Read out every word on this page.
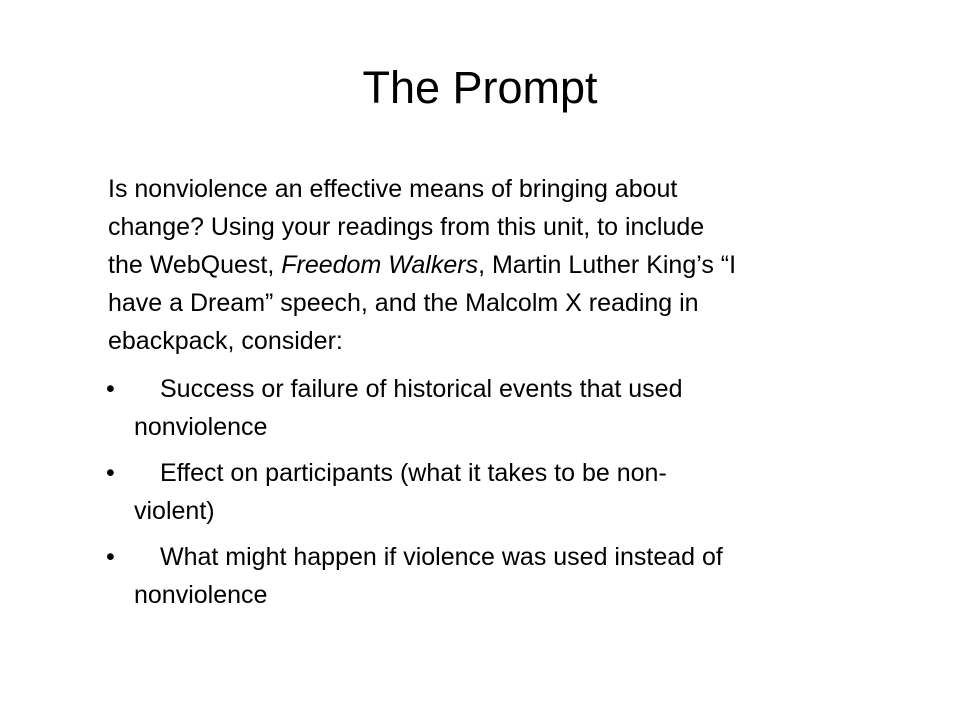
The Prompt
Is nonviolence an effective means of bringing about
change? Using your readings from this unit, to include
the WebQuest, Freedom Walkers, Martin Luther King’s “I
have a Dream” speech, and the Malcolm X reading in
ebackpack, consider:
•	Success or failure of historical events that used
nonviolence
•	Effect on participants (what it takes to be non-
violent)
•	What might happen if violence was used instead of
nonviolence
